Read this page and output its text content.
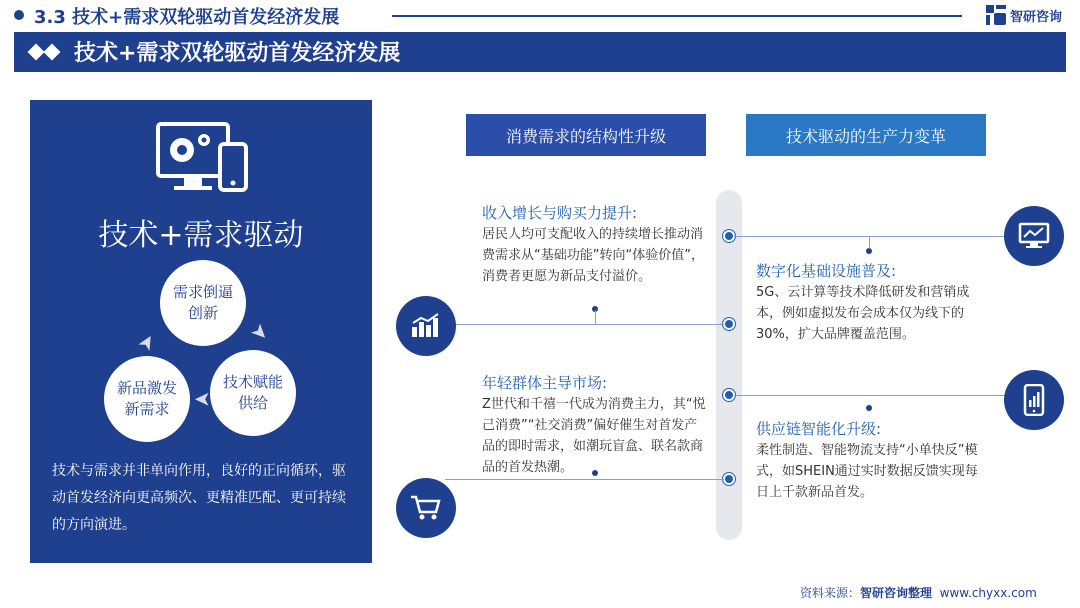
3.3 技术+需求双轮驱动首发经济发展	智研咨询
技术+需求双轮驱动首发经济发展
技术+需求驱动
需求倒逼创新
技术赋能供给
新品激发新需求
➤
➤
➤
技术与需求并非单向作用，良好的正向循环，驱动首发经济向更高频次、更精准匹配、更可持续的方向演进。
消费需求的结构性升级	技术驱动的生产力变革
收入增长与购买力提升:
居民人均可支配收入的持续增长推动消费需求从“基础功能”转向“体验价值”，消费者更愿为新品支付溢价。
年轻群体主导市场:
Z世代和千禧一代成为消费主力，其“悦己消费”“社交消费”偏好催生对首发产品的即时需求，如潮玩盲盒、联名款商品的首发热潮。
数字化基础设施普及:
5G、云计算等技术降低研发和营销成本，例如虚拟发布会成本仅为线下的30%，扩大品牌覆盖范围。
供应链智能化升级:
柔性制造、智能物流支持“小单快反”模式，如SHEIN通过实时数据反馈实现每日上千款新品首发。
资料来源：智研咨询整理 www.chyxx.com
